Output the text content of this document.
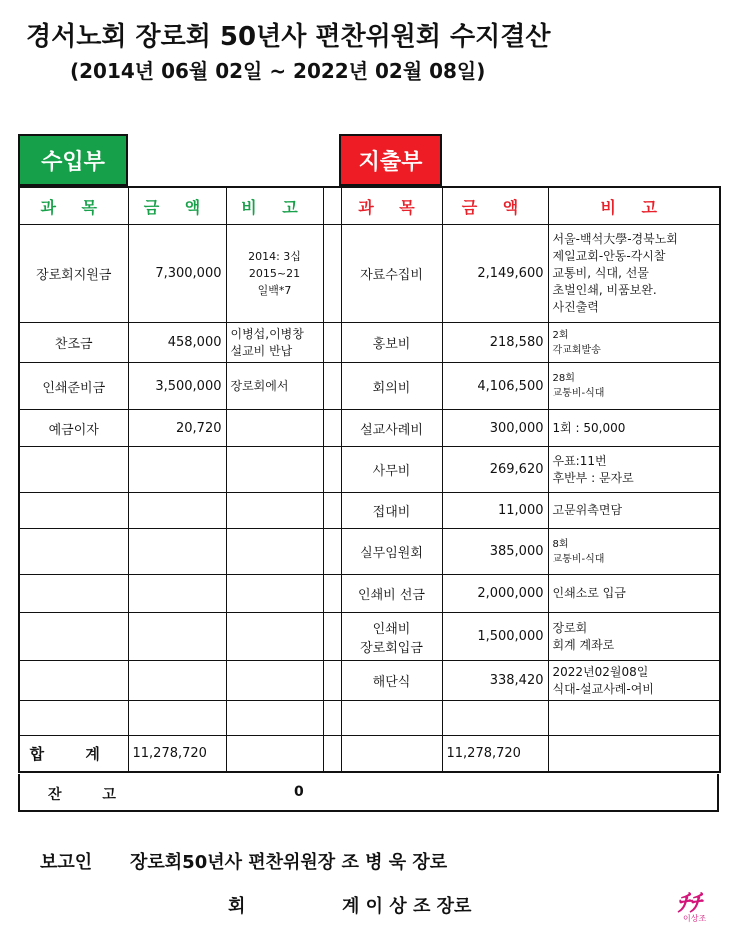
경서노회 장로회 50년사 편찬위원회 수지결산
(2014년 06월 02일 ~ 2022년 02월 08일)
수입부	지출부
과 목	금 액	비 고		과 목	금 액	비 고
장로회지원금	7,300,000	2014: 3십
2015~21
일백*7		자료수집비	2,149,600	서울-백석大學-경북노회
제일교회-안동-각시찰
교통비, 식대, 선물
초벌인쇄, 비품보완.
사진출력
찬조금	458,000	이병섭,이병창
설교비 반납		홍보비	218,580	2회
각교회발송
인쇄준비금	3,500,000	장로회에서		회의비	4,106,500	28회
교통비-식대
예금이자	20,720			설교사례비	300,000	1회 : 50,000
				사무비	269,620	우표:11번
후반부 : 문자로
				접대비	11,000	고문위촉면담
				실무임원회	385,000	8회
교통비-식대
				인쇄비 선금	2,000,000	인쇄소로 입금
				인쇄비
장로회입금	1,500,000	장로회
회계 계좌로
				해단식	338,420	2022년02월08일
식대-설교사례-여비

합 계	11,278,720				11,278,720	
잔 고	0
보고인 장로회50년사 편찬위원장 조 병 욱 장로
회	계 이 상 조 장로	ﾁﾁ
이상조
